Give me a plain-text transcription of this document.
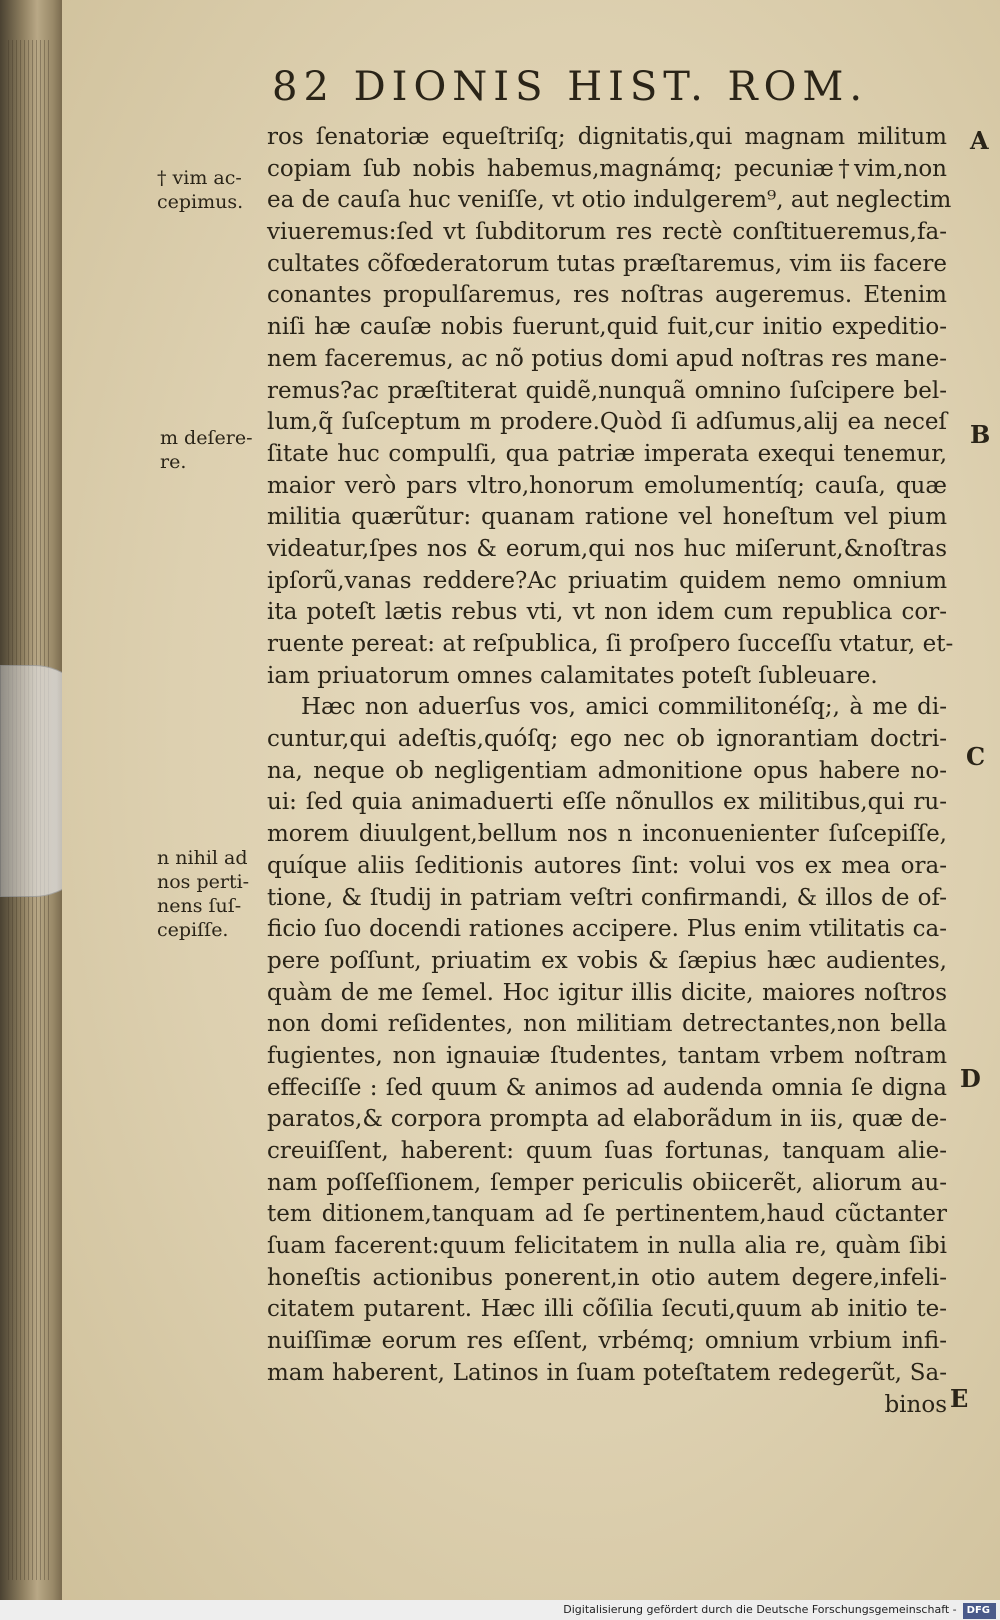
82 DIONIS HIST. ROM.
ros ſenatoriæ equeſtriſq; dignitatis,qui magnam militum
copiam ſub nobis habemus,magnámq; pecuniæ†vim,non
ea de cauſa huc veniſſe, vt otio indulgerem⁹, aut neglectim
viueremus:ſed vt ſubditorum res rectè conſtitueremus,fa-
cultates cõfœderatorum tutas præſtaremus, vim iis facere
conantes propulſaremus, res noſtras augeremus. Etenim
niſi hæ cauſæ nobis fuerunt,quid fuit,cur initio expeditio-
nem faceremus, ac nõ potius domi apud noſtras res mane-
remus?ac præſtiterat quidẽ,nunquã omnino ſuſcipere bel-
lum,q̃ ſuſceptum m prodere.Quòd ſi adſumus,alij ea neceſ
ſitate huc compulſi, qua patriæ imperata exequi tenemur,
maior verò pars vltro,honorum emolumentíq; cauſa, quæ
militia quærũtur: quanam ratione vel honeſtum vel pium
videatur,ſpes nos & eorum,qui nos huc miſerunt,&noſtras
ipſorũ,vanas reddere?Ac priuatim quidem nemo omnium
ita poteſt lætis rebus vti, vt non idem cum republica cor-
ruente pereat: at reſpublica, ſi proſpero ſucceſſu vtatur, et-
iam priuatorum omnes calamitates poteſt ſubleuare.
Hæc non aduerſus vos, amici commilitonéſq;, à me di-
cuntur,qui adeſtis,quóſq; ego nec ob ignorantiam doctri-
na, neque ob negligentiam admonitione opus habere no-
ui: ſed quia animaduerti eſſe nõnullos ex militibus,qui ru-
morem diuulgent,bellum nos n inconuenienter ſuſcepiſſe,
quíque aliis ſeditionis autores ſint: volui vos ex mea ora-
tione, & ſtudij in patriam veſtri confirmandi, & illos de of-
ficio ſuo docendi rationes accipere. Plus enim vtilitatis ca-
pere poſſunt, priuatim ex vobis & ſæpius hæc audientes,
quàm de me ſemel. Hoc igitur illis dicite, maiores noſtros
non domi reſidentes, non militiam detrectantes,non bella
fugientes, non ignauiæ ſtudentes, tantam vrbem noſtram
effeciſſe : ſed quum & animos ad audenda omnia ſe digna
paratos,& corpora prompta ad elaborãdum in iis, quæ de-
creuiſſent, haberent: quum ſuas fortunas, tanquam alie-
nam poſſeſſionem, ſemper periculis obiicerẽt, aliorum au-
tem ditionem,tanquam ad ſe pertinentem,haud cũctanter
ſuam facerent:quum felicitatem in nulla alia re, quàm ſibi
honeſtis actionibus ponerent,in otio autem degere,infeli-
citatem putarent. Hæc illi cõſilia ſecuti,quum ab initio te-
nuiſſimæ eorum res eſſent, vrbémq; omnium vrbium infi-
mam haberent, Latinos in ſuam poteſtatem redegerũt, Sa-
binos
† vim ac-
cepimus.
m deſere-
re.
n nihil ad
nos perti-
nens ſuſ-
cepiſſe.
A
B
C
D
E
Digitalisierung gefördert durch die Deutsche Forschungsgemeinschaft - DFG
